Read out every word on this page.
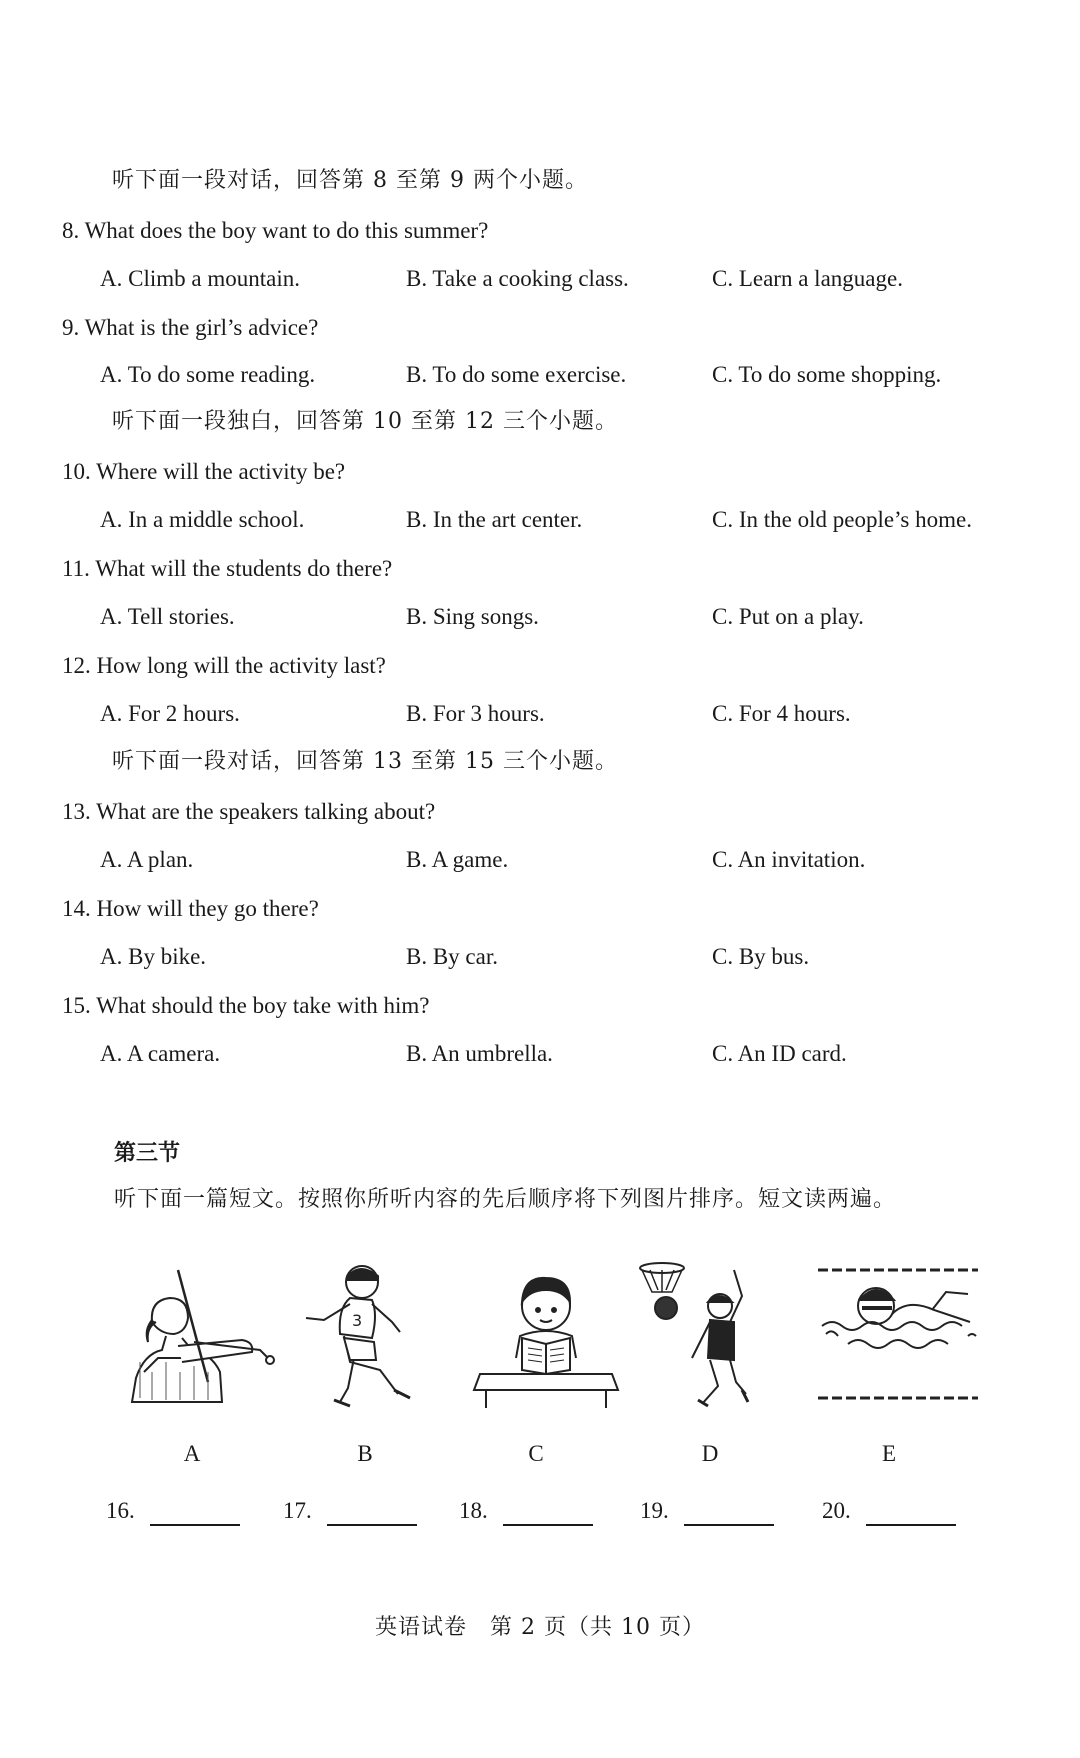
听下面一段对话，回答第 8 至第 9 两个小题。
8. What does the boy want to do this summer?
A. Climb a mountain.	B. Take a cooking class.	C. Learn a language.
9. What is the girl’s advice?
A. To do some reading.	B. To do some exercise.	C. To do some shopping.
听下面一段独白，回答第 10 至第 12 三个小题。
10. Where will the activity be?
A. In a middle school.	B. In the art center.	C. In the old people’s home.
11. What will the students do there?
A. Tell stories.	B. Sing songs.	C. Put on a play.
12. How long will the activity last?
A. For 2 hours.	B. For 3 hours.	C. For 4 hours.
听下面一段对话，回答第 13 至第 15 三个小题。
13. What are the speakers talking about?
A. A plan.	B. A game.	C. An invitation.
14. How will they go there?
A. By bike.	B. By car.	C. By bus.
15. What should the boy take with him?
A. A camera.	B. An umbrella.	C. An ID card.
第三节
听下面一篇短文。按照你所听内容的先后顺序将下列图片排序。短文读两遍。
A
3
B	C	D	E
16.	17.	18.	19.	20.
英语试卷　第 2 页（共 10 页）
